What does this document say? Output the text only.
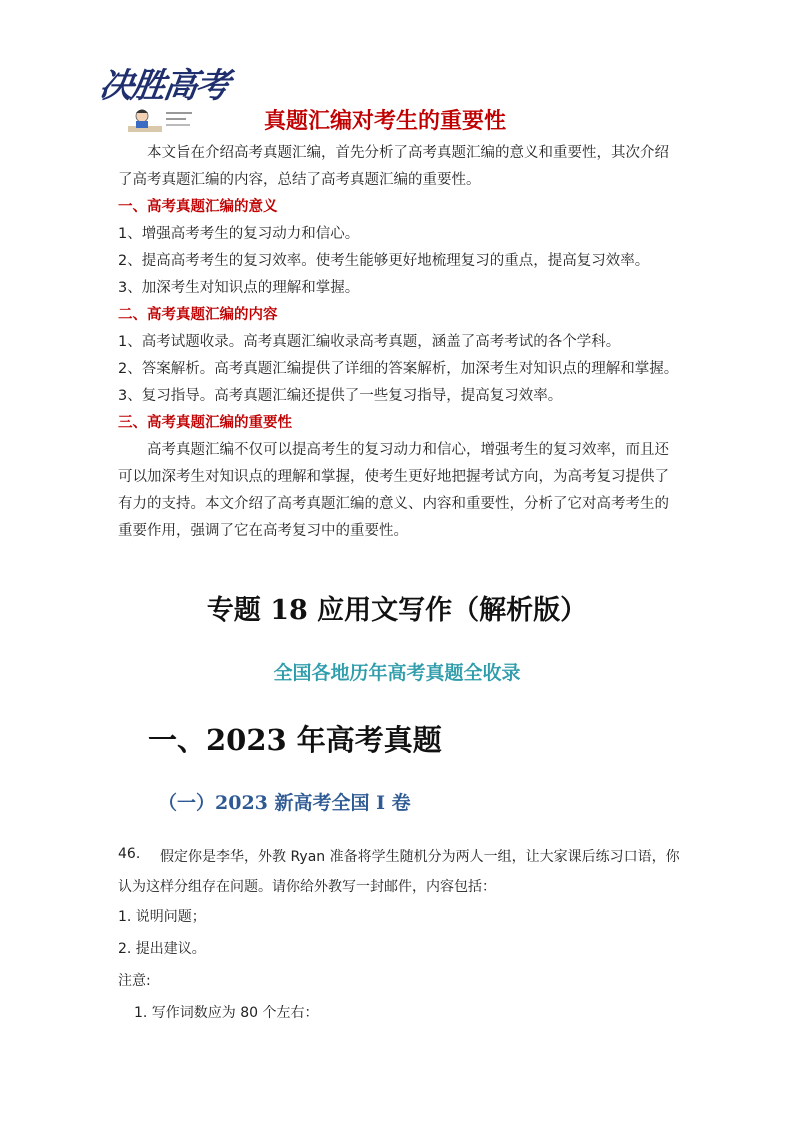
决胜高考
真题汇编对考生的重要性
本文旨在介绍高考真题汇编，首先分析了高考真题汇编的意义和重要性，其次介绍
了高考真题汇编的内容，总结了高考真题汇编的重要性。
一、高考真题汇编的意义
1、增强高考考生的复习动力和信心。
2、提高高考考生的复习效率。使考生能够更好地梳理复习的重点，提高复习效率。
3、加深考生对知识点的理解和掌握。
二、高考真题汇编的内容
1、高考试题收录。高考真题汇编收录高考真题，涵盖了高考考试的各个学科。
2、答案解析。高考真题汇编提供了详细的答案解析，加深考生对知识点的理解和掌握。
3、复习指导。高考真题汇编还提供了一些复习指导，提高复习效率。
三、高考真题汇编的重要性
高考真题汇编不仅可以提高考生的复习动力和信心，增强考生的复习效率，而且还
可以加深考生对知识点的理解和掌握，使考生更好地把握考试方向，为高考复习提供了
有力的支持。本文介绍了高考真题汇编的意义、内容和重要性，分析了它对高考考生的
重要作用，强调了它在高考复习中的重要性。
专题 18 应用文写作（解析版）
全国各地历年高考真题全收录
一、2023 年高考真题
（一）2023 新高考全国 I 卷
46. 假定你是李华，外教 Ryan 准备将学生随机分为两人一组，让大家课后练习口语，你
认为这样分组存在问题。请你给外教写一封邮件，内容包括：
1. 说明问题；
2. 提出建议。
注意:
1. 写作词数应为 80 个左右：
